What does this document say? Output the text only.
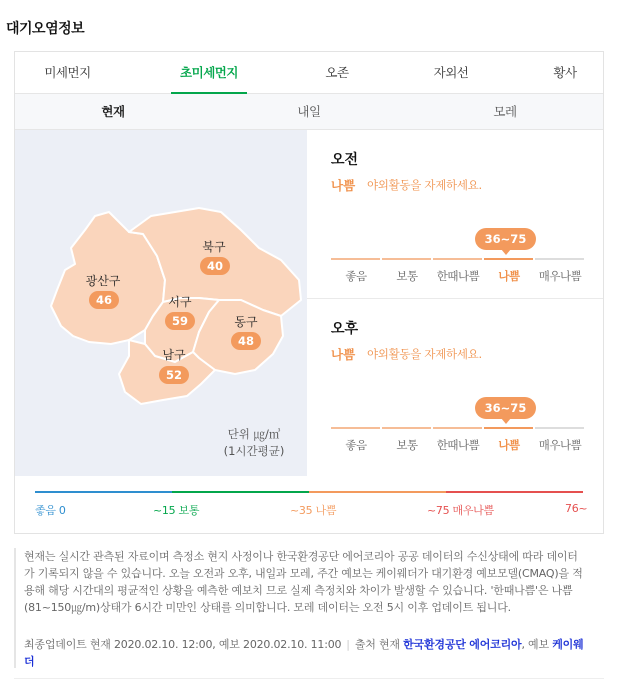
대기오염정보
미세먼지	초미세먼지	오존	자외선	황사
현재	내일	모레
광산구
46
북구
40
서구
59	동구
48
남구
52
단위 ㎍/㎥
(1시간평균)
오전
나쁨 야외활동을 자제하세요.
36~75
좋음	보통	한때나쁨	나쁨	매우나쁨
오후
나쁨 야외활동을 자제하세요.
36~75
좋음	보통	한때나쁨	나쁨	매우나쁨
좋음 0	~15 보통	~35 나쁨	~75 매우나쁨	76~
현재는 실시간 관측된 자료이며 측정소 현지 사정이나 한국환경공단 에어코리아 공공 데이터의 수신상태에 따라 데이터가 기록되지 않을 수 있습니다. 오늘 오전과 오후, 내일과 모레, 주간 예보는 케이웨더가 대기환경 예보모델(CMAQ)을 적용해 해당 시간대의 평균적인 상황을 예측한 예보치 므로 실제 측정치와 차이가 발생할 수 있습니다. '한때나쁨'은 나쁨(81~150㎍/m)상태가 6시간 미만인 상태를 의미합니다. 모레 데이터는 오전 5시 이후 업데이트 됩니다.
최종업데이트 현재 2020.02.10. 12:00, 예보 2020.02.10. 11:00 | 출처 현재 한국환경공단 에어코리아, 예보 케이웨더
